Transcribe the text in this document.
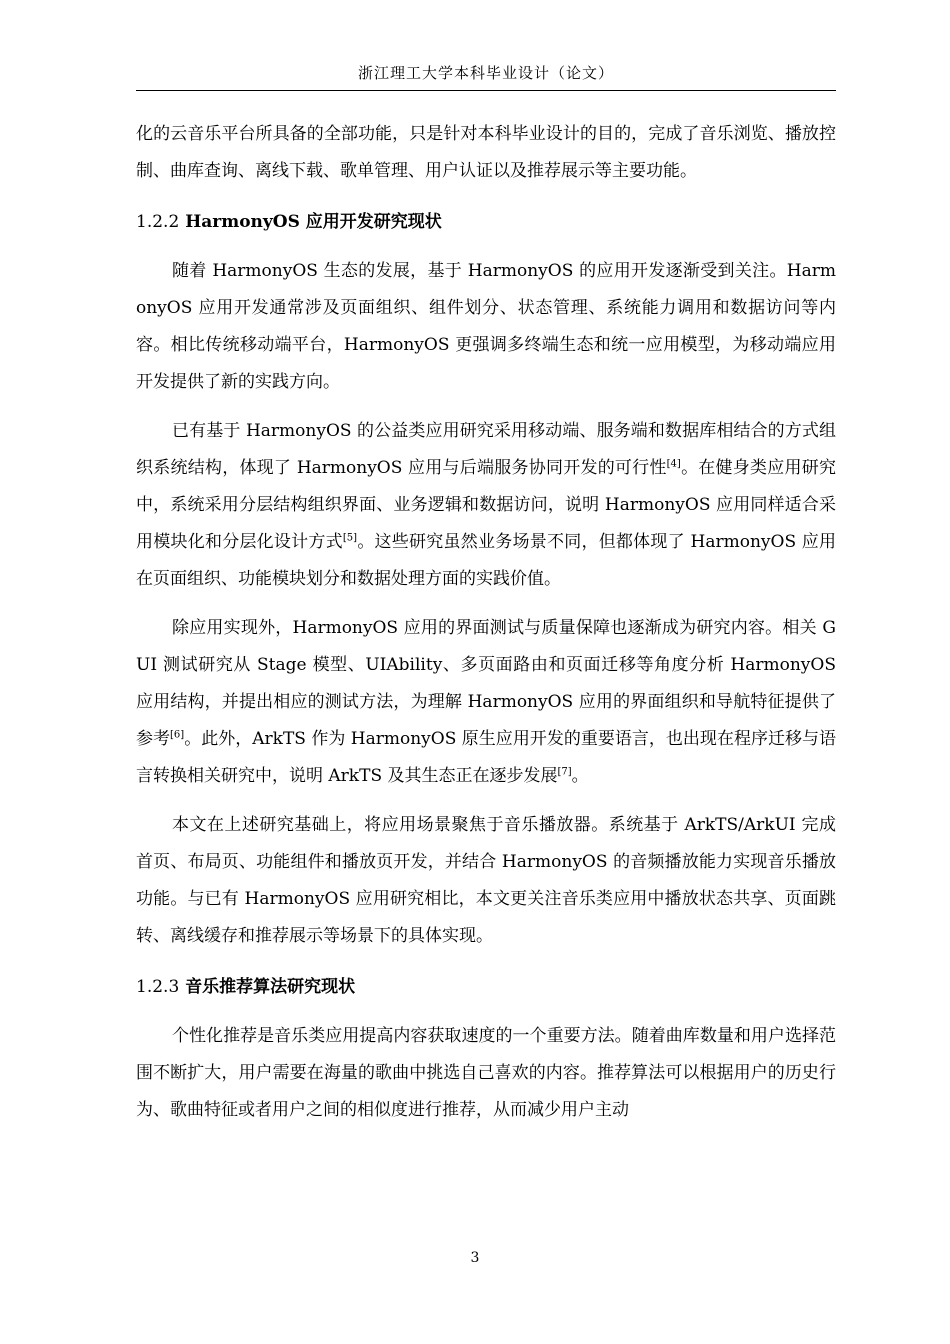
浙江理工大学本科毕业设计（论文）

化的云音乐平台所具备的全部功能，只是针对本科毕业设计的目的，完成了音乐浏览、播放控制、曲库查询、离线下载、歌单管理、用户认证以及推荐展示等主要功能。

1.2.2 HarmonyOS 应用开发研究现状

随着 HarmonyOS 生态的发展，基于 HarmonyOS 的应用开发逐渐受到关注。HarmonyOS 应用开发通常涉及页面组织、组件划分、状态管理、系统能力调用和数据访问等内容。相比传统移动端平台，HarmonyOS 更强调多终端生态和统一应用模型，为移动端应用开发提供了新的实践方向。

已有基于 HarmonyOS 的公益类应用研究采用移动端、服务端和数据库相结合的方式组织系统结构，体现了 HarmonyOS 应用与后端服务协同开发的可行性[4]。在健身类应用研究中，系统采用分层结构组织界面、业务逻辑和数据访问，说明 HarmonyOS 应用同样适合采用模块化和分层化设计方式[5]。这些研究虽然业务场景不同，但都体现了 HarmonyOS 应用在页面组织、功能模块划分和数据处理方面的实践价值。

除应用实现外，HarmonyOS 应用的界面测试与质量保障也逐渐成为研究内容。相关 GUI 测试研究从 Stage 模型、UIAbility、多页面路由和页面迁移等角度分析 HarmonyOS 应用结构，并提出相应的测试方法，为理解 HarmonyOS 应用的界面组织和导航特征提供了参考[6]。此外，ArkTS 作为 HarmonyOS 原生应用开发的重要语言，也出现在程序迁移与语言转换相关研究中，说明 ArkTS 及其生态正在逐步发展[7]。

本文在上述研究基础上，将应用场景聚焦于音乐播放器。系统基于 ArkTS/ArkUI 完成首页、布局页、功能组件和播放页开发，并结合 HarmonyOS 的音频播放能力实现音乐播放功能。与已有 HarmonyOS 应用研究相比，本文更关注音乐类应用中播放状态共享、页面跳转、离线缓存和推荐展示等场景下的具体实现。

1.2.3 音乐推荐算法研究现状

个性化推荐是音乐类应用提高内容获取速度的一个重要方法。随着曲库数量和用户选择范围不断扩大，用户需要在海量的歌曲中挑选自己喜欢的内容。推荐算法可以根据用户的历史行为、歌曲特征或者用户之间的相似度进行推荐，从而减少用户主动

3
